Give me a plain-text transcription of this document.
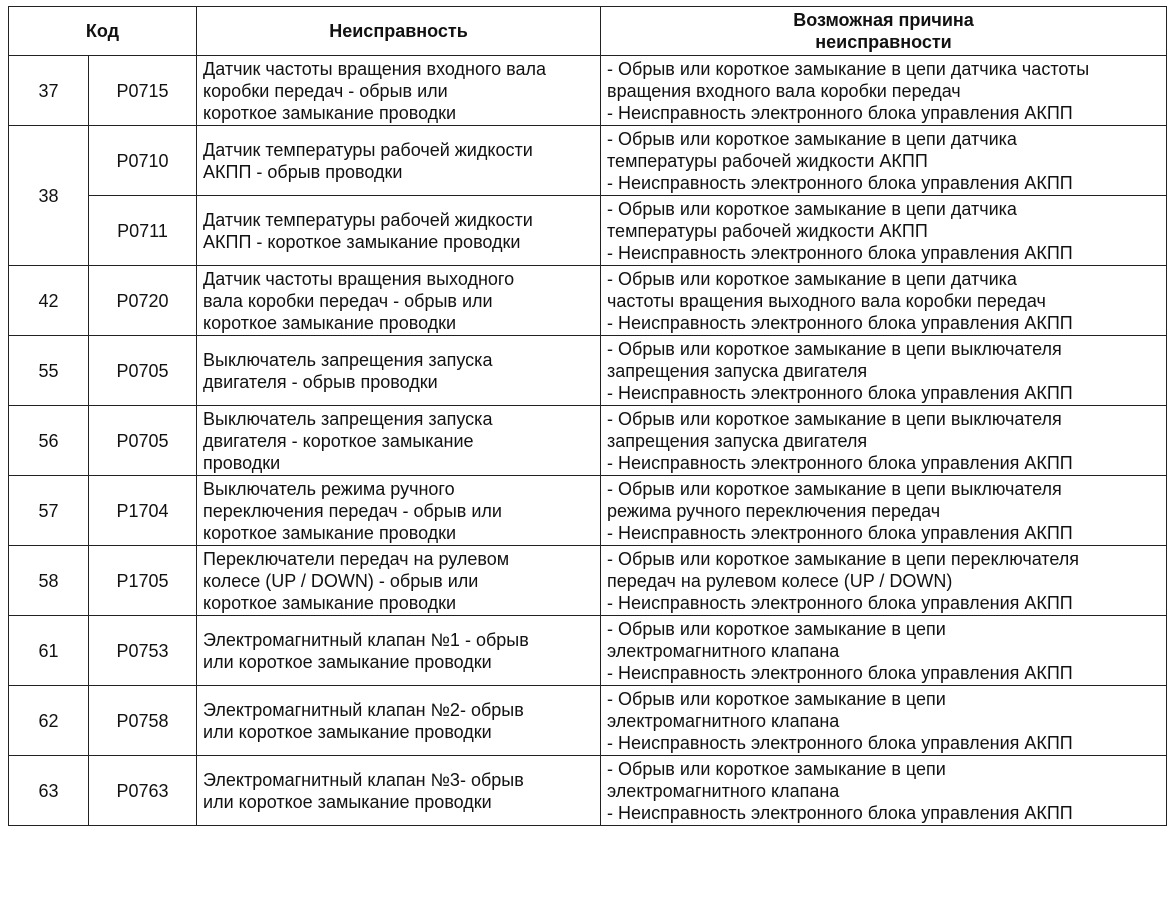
Код		Неисправность	Возможная причина
неисправности

37	P0715	Датчик частоты вращения входного вала
коробки передач - обрыв или
короткое замыкание проводки	- Обрыв или короткое замыкание в цепи датчика частоты
вращения входного вала коробки передач
- Неисправность электронного блока управления АКПП

38	P0710	Датчик температуры рабочей жидкости
АКПП - обрыв проводки	- Обрыв или короткое замыкание в цепи датчика
температуры рабочей жидкости АКПП
- Неисправность электронного блока управления АКПП

	P0711	Датчик температуры рабочей жидкости
АКПП - короткое замыкание проводки	- Обрыв или короткое замыкание в цепи датчика
температуры рабочей жидкости АКПП
- Неисправность электронного блока управления АКПП

42	P0720	Датчик частоты вращения выходного
вала коробки передач - обрыв или
короткое замыкание проводки	- Обрыв или короткое замыкание в цепи датчика
частоты вращения выходного вала коробки передач
- Неисправность электронного блока управления АКПП

55	P0705	Выключатель запрещения запуска
двигателя - обрыв проводки	- Обрыв или короткое замыкание в цепи выключателя
запрещения запуска двигателя
- Неисправность электронного блока управления АКПП

56	P0705	Выключатель запрещения запуска
двигателя - короткое замыкание
проводки	- Обрыв или короткое замыкание в цепи выключателя
запрещения запуска двигателя
- Неисправность электронного блока управления АКПП

57	P1704	Выключатель режима ручного
переключения передач - обрыв или
короткое замыкание проводки	- Обрыв или короткое замыкание в цепи выключателя
режима ручного переключения передач
- Неисправность электронного блока управления АКПП

58	P1705	Переключатели передач на рулевом
колесе (UP / DOWN) - обрыв или
короткое замыкание проводки	- Обрыв или короткое замыкание в цепи переключателя
передач на рулевом колесе (UP / DOWN)
- Неисправность электронного блока управления АКПП

61	P0753	Электромагнитный клапан №1 - обрыв
или короткое замыкание проводки	- Обрыв или короткое замыкание в цепи
электромагнитного клапана
- Неисправность электронного блока управления АКПП

62	P0758	Электромагнитный клапан №2- обрыв
или короткое замыкание проводки	- Обрыв или короткое замыкание в цепи
электромагнитного клапана
- Неисправность электронного блока управления АКПП

63	P0763	Электромагнитный клапан №3- обрыв
или короткое замыкание проводки	- Обрыв или короткое замыкание в цепи
электромагнитного клапана
- Неисправность электронного блока управления АКПП
